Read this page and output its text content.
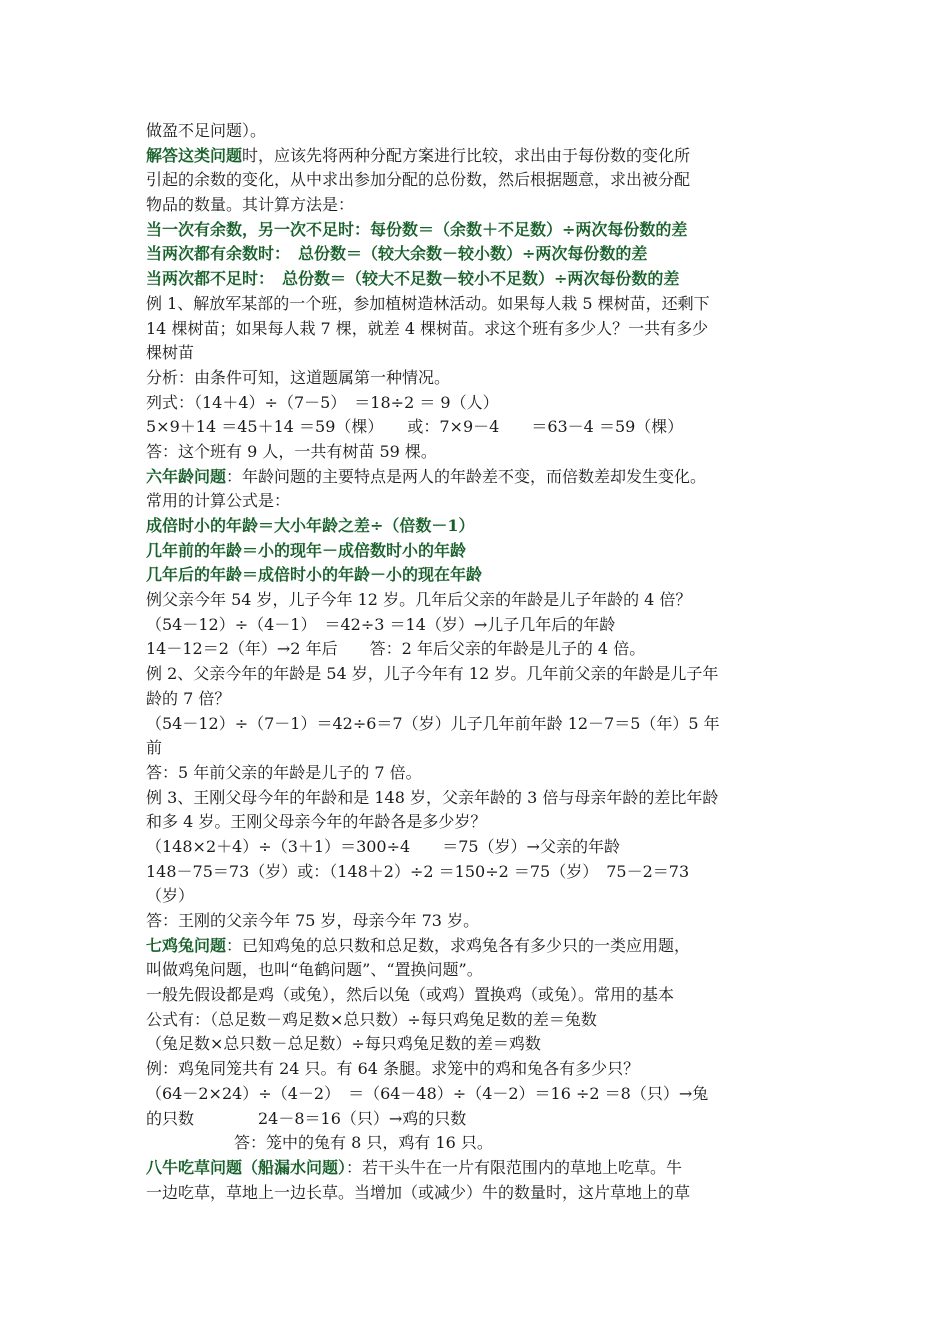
做盈不足问题）。
解答这类问题时，应该先将两种分配方案进行比较，求出由于每份数的变化所
引起的余数的变化，从中求出参加分配的总份数，然后根据题意，求出被分配
物品的数量。其计算方法是：
当一次有余数，另一次不足时：每份数＝（余数＋不足数）÷两次每份数的差
当两次都有余数时：　总份数＝（较大余数－较小数）÷两次每份数的差
当两次都不足时：　总份数＝（较大不足数－较小不足数）÷两次每份数的差
例 1、解放军某部的一个班，参加植树造林活动。如果每人栽 5 棵树苗，还剩下
14 棵树苗；如果每人栽 7 棵，就差 4 棵树苗。求这个班有多少人？一共有多少
棵树苗
分析：由条件可知，这道题属第一种情况。
列式：（14＋4）÷（7－5）　＝18÷2 ＝ 9（人）
5×9＋14 ＝45＋14 ＝59（棵）　　或：7×9－4　　＝63－4 ＝59（棵）
答：这个班有 9 人，一共有树苗 59 棵。
六年龄问题：年龄问题的主要特点是两人的年龄差不变，而倍数差却发生变化。
常用的计算公式是：
成倍时小的年龄＝大小年龄之差÷（倍数－1）
几年前的年龄＝小的现年－成倍数时小的年龄
几年后的年龄＝成倍时小的年龄－小的现在年龄
例父亲今年 54 岁，儿子今年 12 岁。几年后父亲的年龄是儿子年龄的 4 倍？
（54－12）÷（4－1）　＝42÷3 ＝14（岁）→儿子几年后的年龄
14－12＝2（年）→2 年后　　答：2 年后父亲的年龄是儿子的 4 倍。
例 2、父亲今年的年龄是 54 岁，儿子今年有 12 岁。几年前父亲的年龄是儿子年
龄的 7 倍？
（54－12）÷（7－1）＝42÷6＝7（岁）儿子几年前年龄 12－7＝5（年）5 年
前
答：5 年前父亲的年龄是儿子的 7 倍。
例 3、王刚父母今年的年龄和是 148 岁，父亲年龄的 3 倍与母亲年龄的差比年龄
和多 4 岁。王刚父母亲今年的年龄各是多少岁？
（148×2＋4）÷（3＋1）＝300÷4　　＝75（岁）→父亲的年龄
148－75＝73（岁）或：（148＋2）÷2 ＝150÷2 ＝75（岁）　75－2＝73
（岁）
答：王刚的父亲今年 75 岁，母亲今年 73 岁。
七鸡兔问题：已知鸡兔的总只数和总足数，求鸡兔各有多少只的一类应用题，
叫做鸡兔问题，也叫“龟鹤问题”、“置换问题”。
一般先假设都是鸡（或兔），然后以兔（或鸡）置换鸡（或兔）。常用的基本
公式有：（总足数－鸡足数×总只数）÷每只鸡兔足数的差＝兔数
（兔足数×总只数－总足数）÷每只鸡兔足数的差＝鸡数
例：鸡兔同笼共有 24 只。有 64 条腿。求笼中的鸡和兔各有多少只？
（64－2×24）÷（4－2）　＝（64－48）÷（4－2）＝16 ÷2 ＝8（只）→兔
的只数　　　　24－8＝16（只）→鸡的只数
答：笼中的兔有 8 只，鸡有 16 只。
八牛吃草问题（船漏水问题）：若干头牛在一片有限范围内的草地上吃草。牛
一边吃草，草地上一边长草。当增加（或减少）牛的数量时，这片草地上的草
